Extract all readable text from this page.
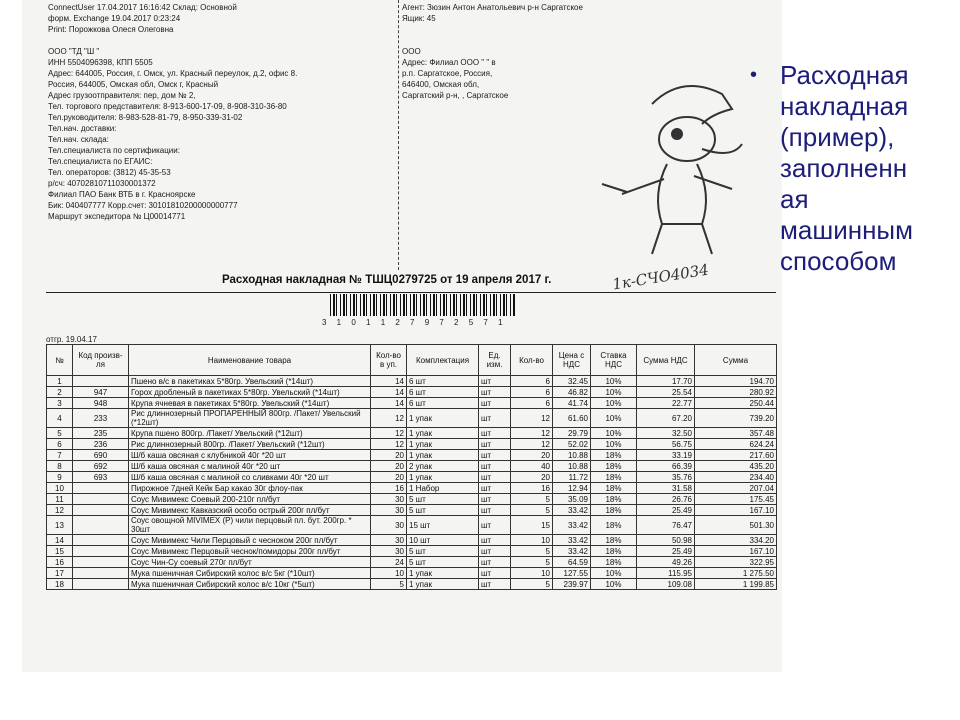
ConnectUser 17.04.2017 16:16:42 Склад: Основной
форм. Exchange 19.04.2017 0:23:24
Print: Порожкова Олеся Олеговна
ООО "ТД "Ш "
ИНН 5504096398, КПП 5505
Адрес: 644005, Россия, г. Омск, ул. Красный переулок, д.2, офис 8.
Россия, 644005, Омская обл, Омск г, Красный
Адрес грузоотправителя: пер, дом № 2,
Тел. торгового представителя: 8-913-600-17-09, 8-908-310-36-80
Тел.руководителя: 8-983-528-81-79, 8-950-339-31-02
Тел.нач. доставки:
Тел.нач. склада:
Тел.специалиста по сертификации:
Тел.специалиста по ЕГАИС:
Тел. операторов: (3812) 45-35-53
р/сч: 40702810711030001372
Филиал ПАО Банк ВТБ в г. Красноярске
Бик: 040407777 Корр.счет: 30101810200000000777
Маршрут экспедитора № Ц00014771
Агент: Зюзин Антон Анатольевич р-н Саргатское
Ящик: 45
ООО
Адрес: Филиал ООО " " в
р.п. Саргатское, Россия,
646400, Омская обл,
Саргатский р-н, , Саргатское
Расходная накладная № ТШЦ0279725 от 19 апреля 2017 г.	1к-СЧО4034
3 1 0 1 1 2 7 9 7 2 5 7 1
отгр. 19.04.17
№	Код произв-ля	Наименование товара	Кол-во в уп.	Комплектация	Ед. изм.	Кол-во	Цена с НДС	Ставка НДС	Сумма НДС	Сумма
1		Пшено в/с в пакетиках 5*80гр. Увельский (*14шт)	14	6 шт	шт	6	32.45	10%	17.70	194.70
2	947	Горох дробленый в пакетиках 5*80гр. Увельский (*14шт)	14	6 шт	шт	6	46.82	10%	25.54	280.92
3	948	Крупа ячневая в пакетиках 5*80гр. Увельский (*14шт)	14	6 шт	шт	6	41.74	10%	22.77	250.44
4	233	Рис длиннозерный ПРОПАРЕННЫЙ 800гр. /Пакет/ Увельский (*12шт)	12	1 упак	шт	12	61.60	10%	67.20	739.20
5	235	Крупа пшено 800гр. /Пакет/ Увельский (*12шт)	12	1 упак	шт	12	29.79	10%	32.50	357.48
6	236	Рис длиннозерный 800гр. /Пакет/ Увельский (*12шт)	12	1 упак	шт	12	52.02	10%	56.75	624.24
7	690	Ш/б каша овсяная с клубникой 40г *20 шт	20	1 упак	шт	20	10.88	18%	33.19	217.60
8	692	Ш/б каша овсяная с малиной 40г *20 шт	20	2 упак	шт	40	10.88	18%	66.39	435.20
9	693	Ш/б каша овсяная с малиной со сливками 40г *20 шт	20	1 упак	шт	20	11.72	18%	35.76	234.40
10		Пирожное 7дней Кейк Бар какао 30г флоу-пак	16	1 Набор	шт	16	12.94	18%	31.58	207.04
11		Соус Мивимекс Соевый 200-210г пл/бут	30	5 шт	шт	5	35.09	18%	26.76	175.45
12		Соус Мивимекс Кавказский особо острый 200г пл/бут	30	5 шт	шт	5	33.42	18%	25.49	167.10
13		Соус овощной MIVIMEX (Р) чили перцовый пл. бут. 200гр. * 30шт	30	15 шт	шт	15	33.42	18%	76.47	501.30
14		Соус Мивимекс Чили Перцовый с чесноком 200г пл/бут	30	10 шт	шт	10	33.42	18%	50.98	334.20
15		Соус Мивимекс Перцовый чеснок/помидоры 200г пл/бут	30	5 шт	шт	5	33.42	18%	25.49	167.10
16		Соус Чин-Су соевый 270г пл/бут	24	5 шт	шт	5	64.59	18%	49.26	322.95
17		Мука пшеничная Сибирский колос в/с 5кг (*10шт)	10	1 упак	шт	10	127.55	10%	115.95	1 275.50
18		Мука пшеничная Сибирский колос в/с 10кг (*5шт)	5	1 упак	шт	5	239.97	10%	109.08	1 199.85
• Расходная
накладная
(пример),
заполненн
ая
машинным
способом
